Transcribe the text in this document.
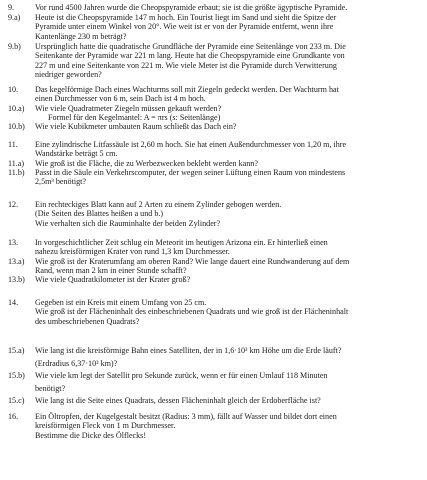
9.	Vor rund 4500 Jahren wurde die Cheopspyramide erbaut; sie ist die größte ägyptische Pyramide.
9.a) Heute ist die Cheopspyramide 147 m hoch. Ein Tourist liegt im Sand und sieht die Spitze der
Pyramide unter einem Winkel von 20°. Wie weit ist er von der Pyramide entfernt, wenn ihre
Kantenlänge 230 m beträgt?
9.b) Ursprünglich hatte die quadratische Grundfläche der Pyramide eine Seitenlänge von 233 m. Die
Seitenkante der Pyramide war 221 m lang. Heute hat die Cheopspyramide eine Grundkante von
227 m und eine Seitenkante von 221 m. Wie viele Meter ist die Pyramide durch Verwitterung
niedriger geworden?
10. Das kegelförmige Dach eines Wachturms soll mit Ziegeln gedeckt werden. Der Wachturm hat
einen Durchmesser von 6 m, sein Dach ist 4 m hoch.
10.a) Wie viele Quadratmeter Ziegeln müssen gekauft werden?
Formel für den Kegelmantel: A = πrs (s: Seitenlänge)
10.b) Wie viele Kubikmeter umbauten Raum schließt das Dach ein?
11. Eine zylindrische Litfassäule ist 2,60 m hoch. Sie hat einen Außendurchmesser von 1,20 m, ihre
Wandstärke beträgt 5 cm.
11.a) Wie groß ist die Fläche, die zu Werbezwecken beklebt werden kann?
11.b) Passt in die Säule ein Verkehrscomputer, der wegen seiner Lüftung einen Raum von mindestens
2,5m³ benötigt?
12. Ein rechteckiges Blatt kann auf 2 Arten zu einem Zylinder gebogen werden.
(Die Seiten des Blattes heißen a und b.)
Wie verhalten sich die Rauminhalte der beiden Zylinder?
13. In vorgeschichtlicher Zeit schlug ein Meteorit im heutigen Arizona ein. Er hinterließ einen
nahezu kreisförmigen Krater von rund 1,3 km Durchmesser.
13.a) Wie groß ist der Kraterumfang am oberen Rand? Wie lange dauert eine Rundwanderung auf dem
Rand, wenn man 2 km in einer Stunde schafft?
13.b) Wie viele Quadratkilometer ist der Krater groß?
14. Gegeben ist ein Kreis mit einem Umfang von 25 cm.
Wie groß ist der Flächeninhalt des einbeschriebenen Quadrats und wie groß ist der Flächeninhalt
des umbeschriebenen Quadrats?
15.a) Wie lang ist die kreisförmige Bahn eines Satelliten, der in 1,6·10³ km Höhe um die Erde läuft?
(Erdradius 6,37·10³ km)?
15.b) Wie viele km legt der Satellit pro Sekunde zurück, wenn er für einen Umlauf 118 Minuten
benötigt?
15.c) Wie lang ist die Seite eines Quadrats, dessen Flächeninhalt gleich der Erdoberfläche ist?
16. Ein Öltropfen, der Kugelgestalt besitzt (Radius: 3 mm), fällt auf Wasser und bildet dort einen
kreisförmigen Fleck von 1 m Durchmesser.
Bestimme die Dicke des Ölflecks!
